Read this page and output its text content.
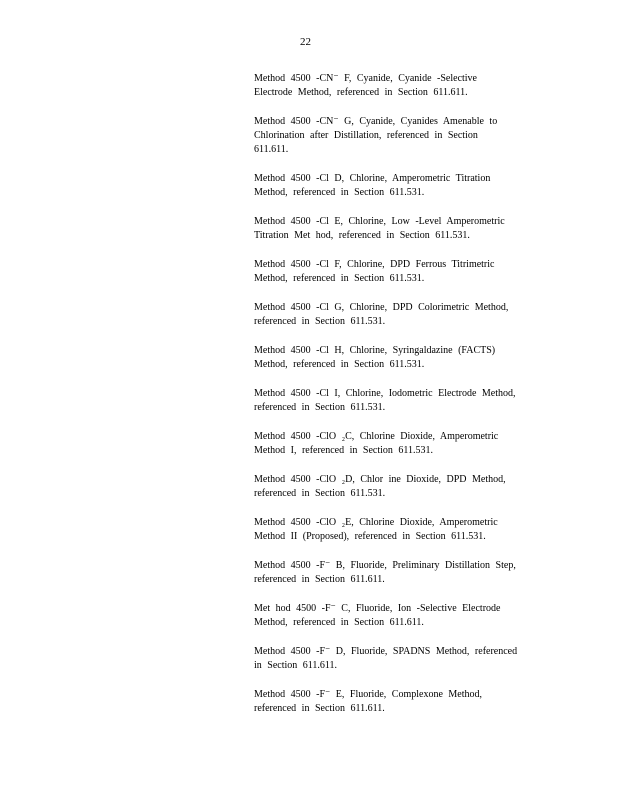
22
Method 4500 -CN⁻ F, Cyanide, Cyanide -Selective
Electrode Method, referenced in Section 611.611.
Method 4500 -CN⁻ G, Cyanide, Cyanides Amenable to
Chlorination after Distillation, referenced in Section
611.611.
Method 4500 -Cl D, Chlorine, Amperometric Titration
Method, referenced in Section 611.531.
Method 4500 -Cl E, Chlorine, Low -Level Amperometric
Titration Met hod, referenced in Section 611.531.
Method 4500 -Cl F, Chlorine, DPD Ferrous Titrimetric
Method, referenced in Section 611.531.
Method 4500 -Cl G, Chlorine, DPD Colorimetric Method,
referenced in Section 611.531.
Method 4500 -Cl H, Chlorine, Syringaldazine (FACTS)
Method, referenced in Section 611.531.
Method 4500 -Cl I, Chlorine, Iodometric Electrode Method,
referenced in Section 611.531.
Method 4500 -ClO ₂C, Chlorine Dioxide, Amperometric
Method I, referenced in Section 611.531.
Method 4500 -ClO ₂D, Chlor ine Dioxide, DPD Method,
referenced in Section 611.531.
Method 4500 -ClO ₂E, Chlorine Dioxide, Amperometric
Method II (Proposed), referenced in Section 611.531.
Method 4500 -F⁻ B, Fluoride, Preliminary Distillation Step,
referenced in Section 611.611.
Met hod 4500 -F⁻ C, Fluoride, Ion -Selective Electrode
Method, referenced in Section 611.611.
Method 4500 -F⁻ D, Fluoride, SPADNS Method, referenced
in Section 611.611.
Method 4500 -F⁻ E, Fluoride, Complexone Method,
referenced in Section 611.611.
